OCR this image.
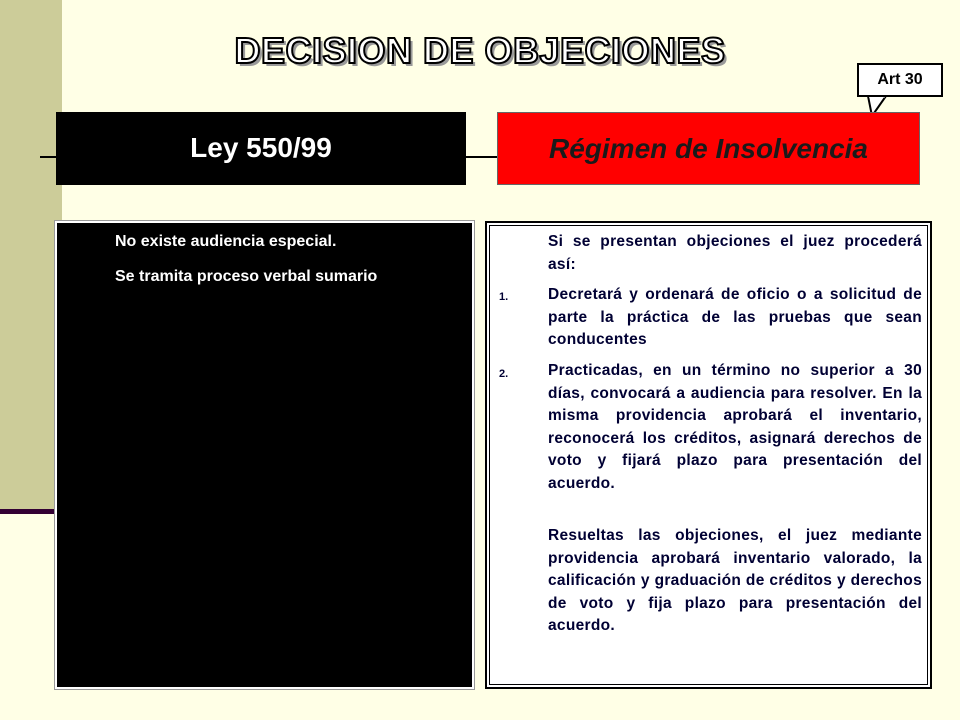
DECISION DE OBJECIONES
Art 30
Ley 550/99	Régimen de Insolvencia
No existe audiencia especial.
Se tramita proceso verbal sumario
Si se presentan objeciones el juez procederá así:
1.	Decretará y ordenará de oficio o a solicitud de parte la práctica de las pruebas que sean conducentes
2.	Practicadas, en un término no superior a 30 días, convocará a audiencia para resolver. En la misma providencia aprobará el inventario, reconocerá los créditos, asignará derechos de voto y fijará plazo para presentación del acuerdo.
Resueltas las objeciones, el juez mediante providencia aprobará inventario valorado, la calificación y graduación de créditos y derechos de voto y fija plazo para presentación del acuerdo.
